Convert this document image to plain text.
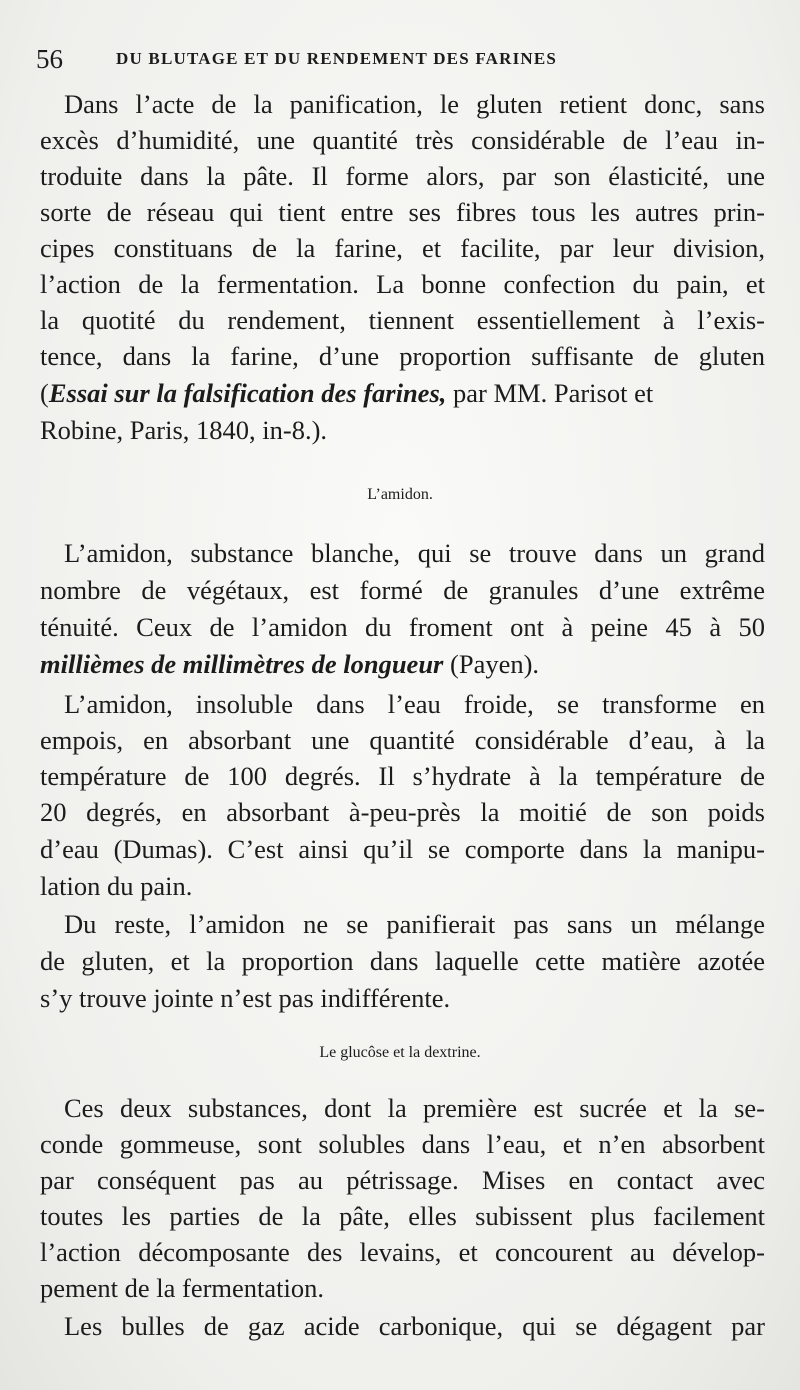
56	DU BLUTAGE ET DU RENDEMENT DES FARINES
Dans l’acte de la panification, le gluten retient donc, sans
excès d’humidité, une quantité très considérable de l’eau in-
troduite dans la pâte. Il forme alors, par son élasticité, une
sorte de réseau qui tient entre ses fibres tous les autres prin-
cipes constituans de la farine, et facilite, par leur division,
l’action de la fermentation. La bonne confection du pain, et
la quotité du rendement, tiennent essentiellement à l’exis-
tence, dans la farine, d’une proportion suffisante de gluten
(Essai sur la falsification des farines, par MM. Parisot et
Robine, Paris, 1840, in-8.).
L’amidon.
L’amidon, substance blanche, qui se trouve dans un grand
nombre de végétaux, est formé de granules d’une extrême
ténuité. Ceux de l’amidon du froment ont à peine 45 à 50
millièmes de millimètres de longueur (Payen).
L’amidon, insoluble dans l’eau froide, se transforme en
empois, en absorbant une quantité considérable d’eau, à la
température de 100 degrés. Il s’hydrate à la température de
20 degrés, en absorbant à-peu-près la moitié de son poids
d’eau (Dumas). C’est ainsi qu’il se comporte dans la manipu-
lation du pain.
Du reste, l’amidon ne se panifierait pas sans un mélange
de gluten, et la proportion dans laquelle cette matière azotée
s’y trouve jointe n’est pas indifférente.
Le glucôse et la dextrine.
Ces deux substances, dont la première est sucrée et la se-
conde gommeuse, sont solubles dans l’eau, et n’en absorbent
par conséquent pas au pétrissage. Mises en contact avec
toutes les parties de la pâte, elles subissent plus facilement
l’action décomposante des levains, et concourent au dévelop-
pement de la fermentation.
Les bulles de gaz acide carbonique, qui se dégagent par
